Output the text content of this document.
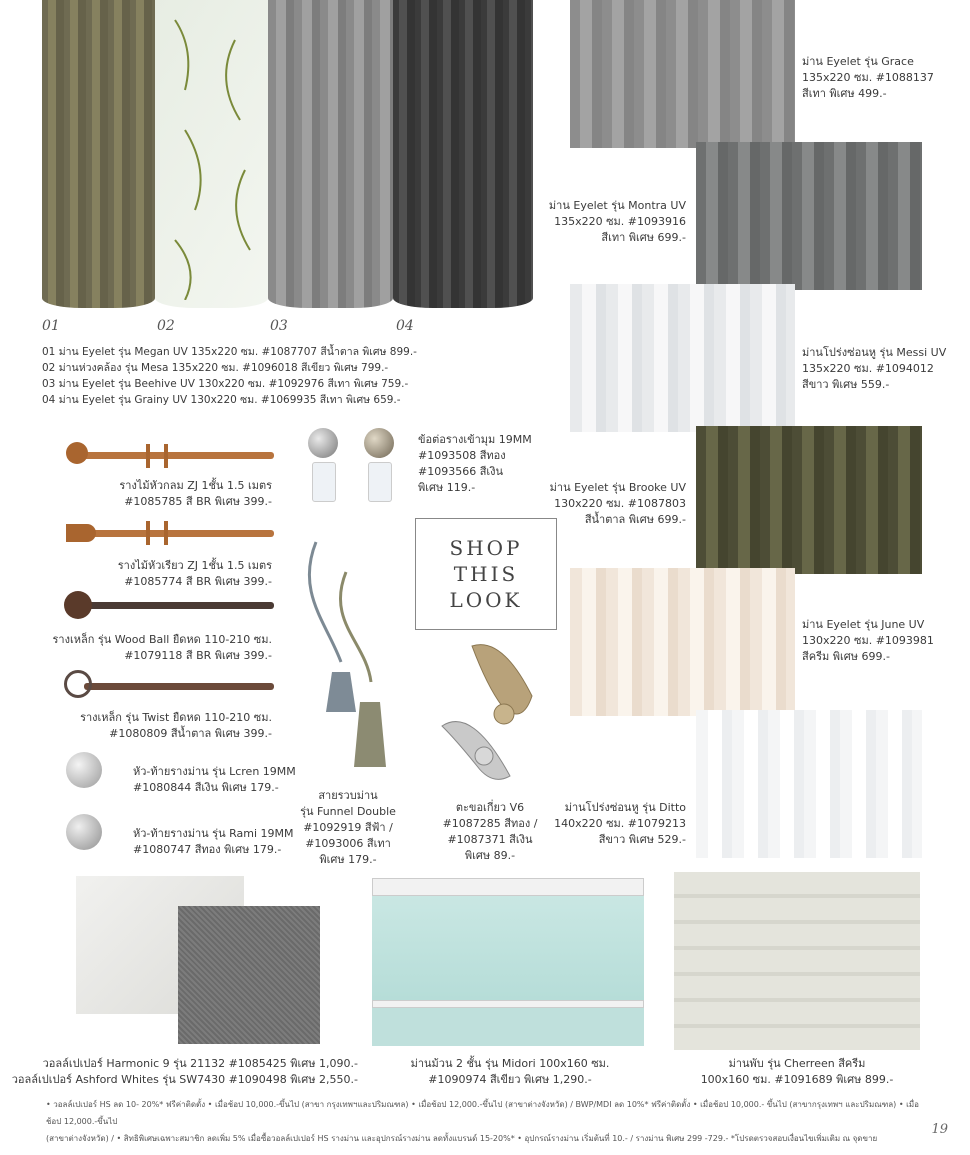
01	02	03	04
01 ม่าน Eyelet รุ่น Megan UV 135x220 ซม. #1087707 สีน้ำตาล พิเศษ 899.-
02 ม่านห่วงคล้อง รุ่น Mesa 135x220 ซม. #1096018 สีเขียว พิเศษ 799.-
03 ม่าน Eyelet รุ่น Beehive UV 130x220 ซม. #1092976 สีเทา พิเศษ 759.-
04 ม่าน Eyelet รุ่น Grainy UV 130x220 ซม. #1069935 สีเทา พิเศษ 659.-
ม่าน Eyelet รุ่น Grace
135x220 ซม. #1088137
สีเทา พิเศษ 499.-
ม่าน Eyelet รุ่น Montra UV
135x220 ซม. #1093916
สีเทา พิเศษ 699.-
ม่านโปร่งซ่อนหู รุ่น Messi UV
135x220 ซม. #1094012
สีขาว พิเศษ 559.-
ม่าน Eyelet รุ่น Brooke UV
130x220 ซม. #1087803
สีน้ำตาล พิเศษ 699.-
ม่าน Eyelet รุ่น June UV
130x220 ซม. #1093981
สีครีม พิเศษ 699.-
ม่านโปร่งซ่อนหู รุ่น Ditto
140x220 ซม. #1079213
สีขาว พิเศษ 529.-
รางไม้หัวกลม ZJ 1ชั้น 1.5 เมตร
#1085785 สี BR พิเศษ 399.-
รางไม้หัวเรียว ZJ 1ชั้น 1.5 เมตร
#1085774 สี BR พิเศษ 399.-
รางเหล็ก รุ่น Wood Ball ยืดหด 110-210 ซม.
#1079118 สี BR พิเศษ 399.-
รางเหล็ก รุ่น Twist ยืดหด 110-210 ซม.
#1080809 สีน้ำตาล พิเศษ 399.-
หัว-ท้ายรางม่าน รุ่น Lcren 19MM
#1080844 สีเงิน พิเศษ 179.-
หัว-ท้ายรางม่าน รุ่น Rami 19MM
#1080747 สีทอง พิเศษ 179.-
ข้อต่อรางเข้ามุม 19MM
#1093508 สีทอง
#1093566 สีเงิน
พิเศษ 119.-
SHOP
THIS
LOOK
สายรวบม่าน
รุ่น Funnel Double
#1092919 สีฟ้า /
#1093006 สีเทา
พิเศษ 179.-
ตะขอเกี่ยว V6
#1087285 สีทอง /
#1087371 สีเงิน
พิเศษ 89.-
วอลล์เปเปอร์ Harmonic 9 รุ่น 21132 #1085425 พิเศษ 1,090.-
วอลล์เปเปอร์ Ashford Whites รุ่น SW7430 #1090498 พิเศษ 2,550.-
ม่านม้วน 2 ชั้น รุ่น Midori 100x160 ซม.
#1090974 สีเขียว พิเศษ 1,290.-
ม่านพับ รุ่น Cherreen สีครีม
100x160 ซม. #1091689 พิเศษ 899.-
• วอลล์เปเปอร์ HS ลด 10- 20%* ฟรีค่าติดตั้ง • เมื่อช้อป 10,000.-ขึ้นไป (สาขา กรุงเทพฯและปริมณฑล) • เมื่อช้อป 12,000.-ขึ้นไป (สาขาต่างจังหวัด) / BWP/MDI ลด 10%* ฟรีค่าติดตั้ง • เมื่อช้อป 10,000.- ขึ้นไป (สาขากรุงเทพฯ และปริมณฑล) • เมื่อช้อป 12,000.-ขึ้นไป
(สาขาต่างจังหวัด) / • สิทธิพิเศษเฉพาะสมาชิก ลดเพิ่ม 5% เมื่อซื้อวอลล์เปเปอร์ HS รางม่าน และอุปกรณ์รางม่าน ลดทั้งแบรนด์ 15-20%* • อุปกรณ์รางม่าน เริ่มต้นที่ 10.- / รางม่าน พิเศษ 299 -729.- *โปรดตรวจสอบเงื่อนไขเพิ่มเติม ณ จุดขาย
19
